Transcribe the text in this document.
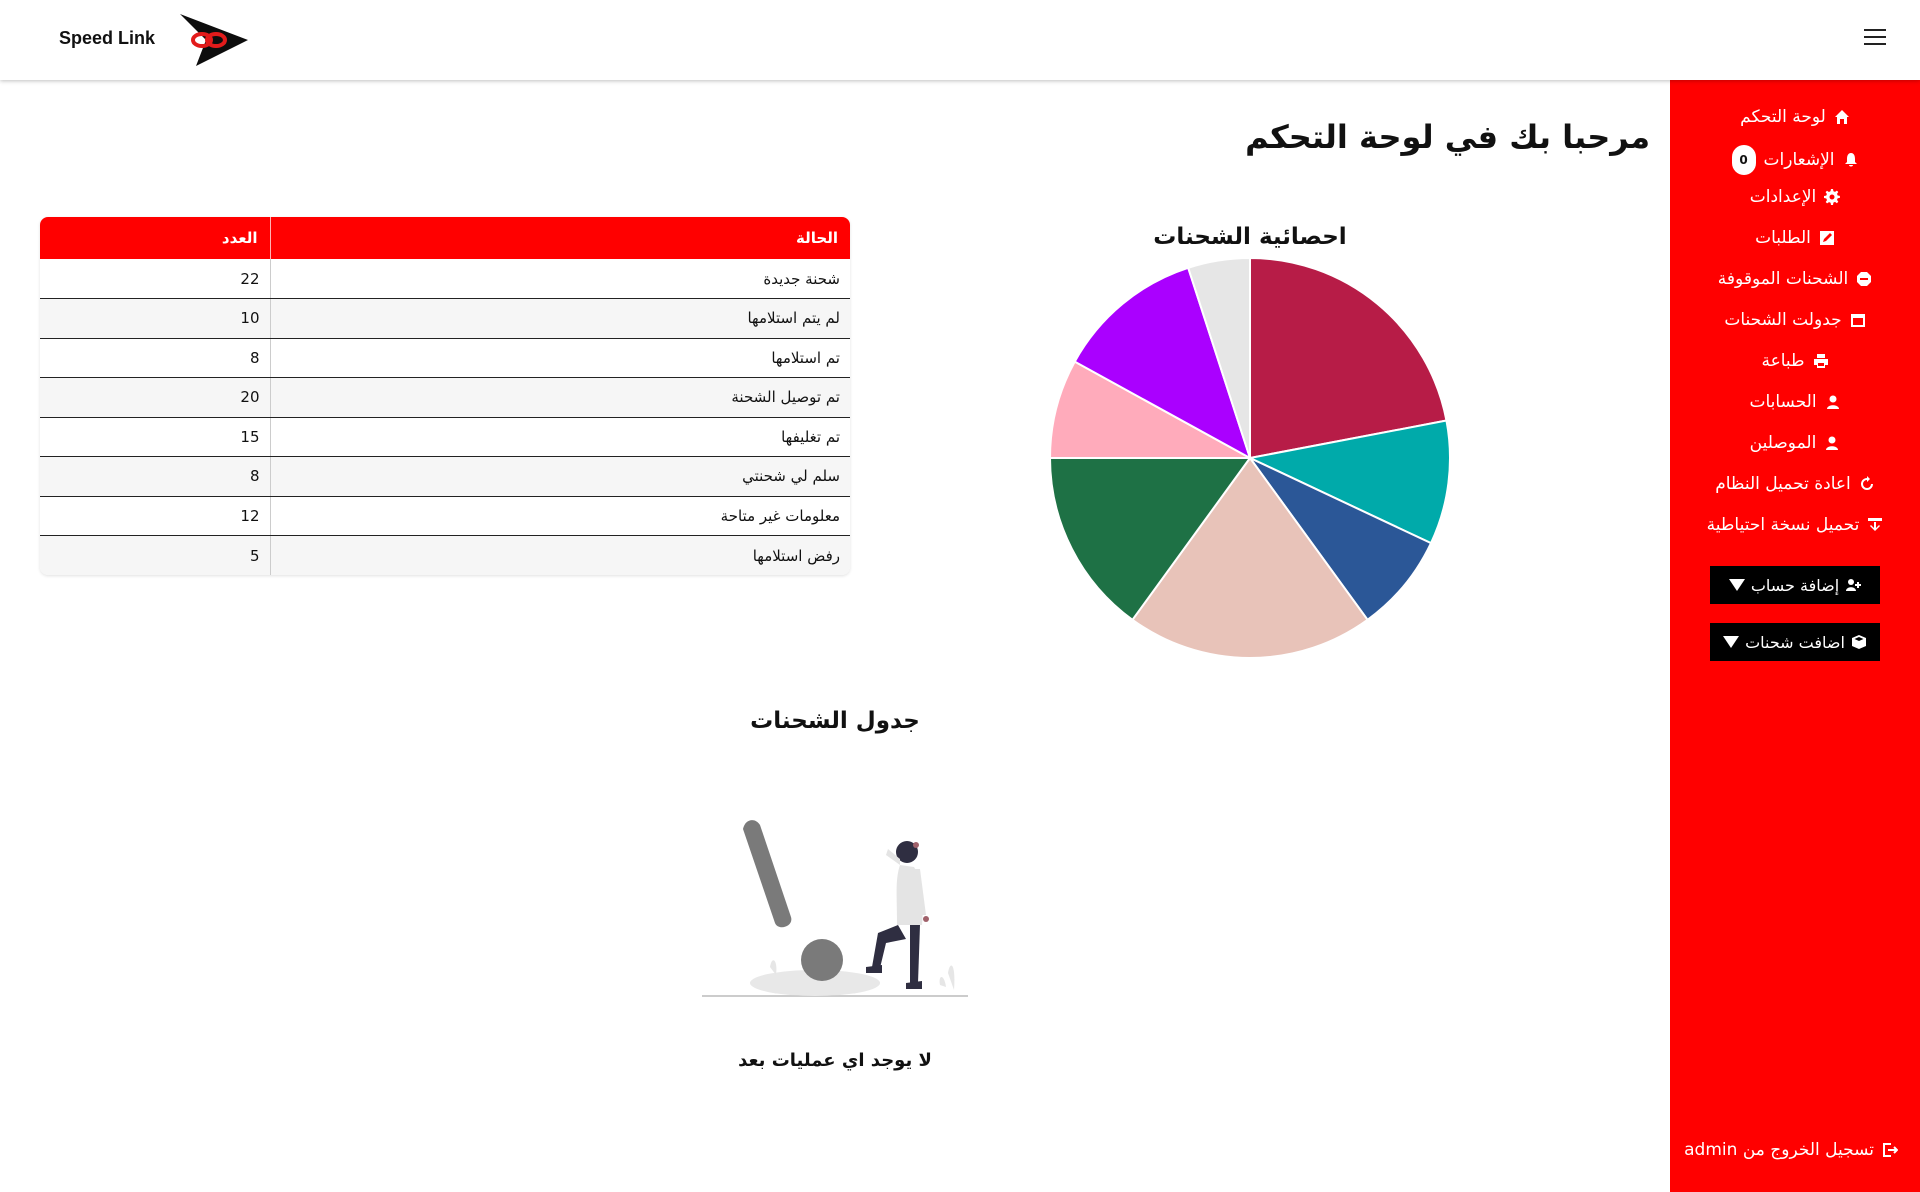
Speed Link
لوحة التحكم
الإشعارات
0
الإعدادات
الطلبات
الشحنات الموقوفة
جدولت الشحنات
طباعة
الحسابات
الموصلين
اعادة تحميل النظام
تحميل نسخة احتياطية
إضافة حساب
اضافت شحنات
تسجيل الخروج من admin
مرحبا بك في لوحة التحكم
احصائية الشحنات
الحالة	العدد
شحنة جديدة	22
لم يتم استلامها	10
تم استلامها	8
تم توصيل الشحنة	20
تم تغليفها	15
سلم لي شحنتي	8
معلومات غير متاحة	12
رفض استلامها	5
جدول الشحنات
لا يوجد اي عمليات بعد
